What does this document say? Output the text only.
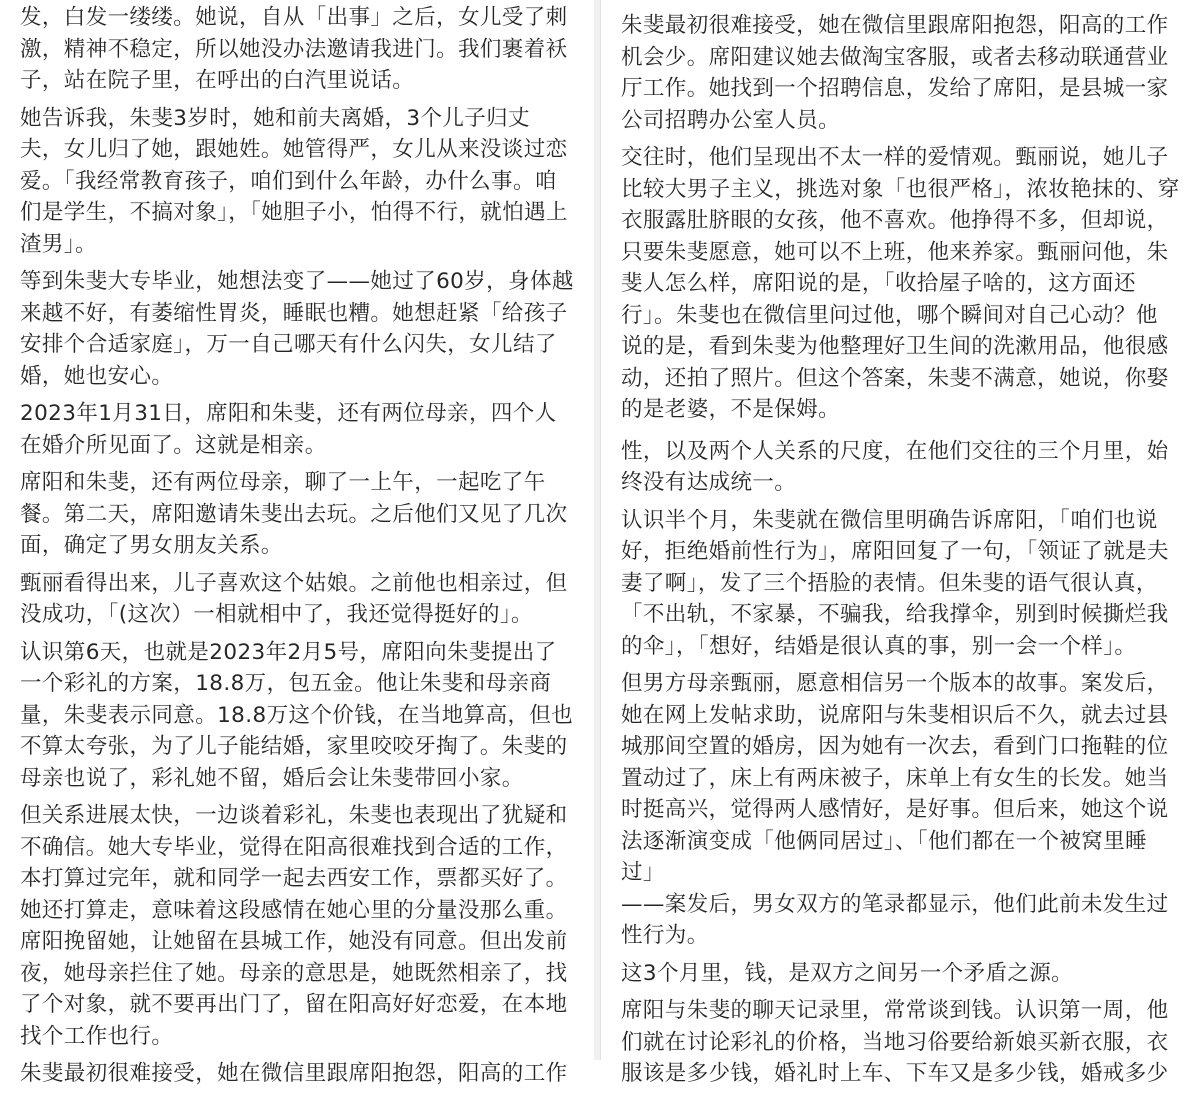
发，白发一缕缕。她说，自从「出事」之后，女儿受了刺
激，精神不稳定，所以她没办法邀请我进门。我们裹着袄
子，站在院子里，在呼出的白汽里说话。

她告诉我，朱斐3岁时，她和前夫离婚，3个儿子归丈
夫，女儿归了她，跟她姓。她管得严，女儿从来没谈过恋
爱。「我经常教育孩子，咱们到什么年龄，办什么事。咱
们是学生，不搞对象」，「她胆子小，怕得不行，就怕遇上
渣男」。

等到朱斐大专毕业，她想法变了——她过了60岁，身体越
来越不好，有萎缩性胃炎，睡眠也糟。她想赶紧「给孩子
安排个合适家庭」，万一自己哪天有什么闪失，女儿结了
婚，她也安心。

2023年1月31日，席阳和朱斐，还有两位母亲，四个人
在婚介所见面了。这就是相亲。

席阳和朱斐，还有两位母亲，聊了一上午，一起吃了午
餐。第二天，席阳邀请朱斐出去玩。之后他们又见了几次
面，确定了男女朋友关系。

甄丽看得出来，儿子喜欢这个姑娘。之前他也相亲过，但
没成功，「(这次）一相就相中了，我还觉得挺好的」。

认识第6天，也就是2023年2月5号，席阳向朱斐提出了
一个彩礼的方案，18.8万，包五金。他让朱斐和母亲商
量，朱斐表示同意。18.8万这个价钱，在当地算高，但也
不算太夸张，为了儿子能结婚，家里咬咬牙掏了。朱斐的
母亲也说了，彩礼她不留，婚后会让朱斐带回小家。

但关系进展太快，一边谈着彩礼，朱斐也表现出了犹疑和
不确信。她大专毕业，觉得在阳高很难找到合适的工作，
本打算过完年，就和同学一起去西安工作，票都买好了。
她还打算走，意味着这段感情在她心里的分量没那么重。
席阳挽留她，让她留在县城工作，她没有同意。但出发前
夜，她母亲拦住了她。母亲的意思是，她既然相亲了，找
了个对象，就不要再出门了，留在阳高好好恋爱，在本地
找个工作也行。

朱斐最初很难接受，她在微信里跟席阳抱怨，阳高的工作

朱斐最初很难接受，她在微信里跟席阳抱怨，阳高的工作
机会少。席阳建议她去做淘宝客服，或者去移动联通营业
厅工作。她找到一个招聘信息，发给了席阳，是县城一家
公司招聘办公室人员。

交往时，他们呈现出不太一样的爱情观。甄丽说，她儿子
比较大男子主义，挑选对象「也很严格」，浓妆艳抹的、穿
衣服露肚脐眼的女孩，他不喜欢。他挣得不多，但却说，
只要朱斐愿意，她可以不上班，他来养家。甄丽问他，朱
斐人怎么样，席阳说的是，「收拾屋子啥的，这方面还
行」。朱斐也在微信里问过他，哪个瞬间对自己心动？他
说的是，看到朱斐为他整理好卫生间的洗漱用品，他很感
动，还拍了照片。但这个答案，朱斐不满意，她说，你娶
的是老婆，不是保姆。

性，以及两个人关系的尺度，在他们交往的三个月里，始
终没有达成统一。

认识半个月，朱斐就在微信里明确告诉席阳，「咱们也说
好，拒绝婚前性行为」，席阳回复了一句，「领证了就是夫
妻了啊」，发了三个捂脸的表情。但朱斐的语气很认真，
「不出轨，不家暴，不骗我，给我撑伞，别到时候撕烂我
的伞」，「想好，结婚是很认真的事，别一会一个样」。

但男方母亲甄丽，愿意相信另一个版本的故事。案发后，
她在网上发帖求助，说席阳与朱斐相识后不久，就去过县
城那间空置的婚房，因为她有一次去，看到门口拖鞋的位
置动过了，床上有两床被子，床单上有女生的长发。她当
时挺高兴，觉得两人感情好，是好事。但后来，她这个说
法逐渐演变成「他俩同居过」、「他们都在一个被窝里睡过」
——案发后，男女双方的笔录都显示，他们此前未发生过
性行为。

这3个月里，钱，是双方之间另一个矛盾之源。

席阳与朱斐的聊天记录里，常常谈到钱。认识第一周，他
们就在讨论彩礼的价格，当地习俗要给新娘买新衣服，衣
服该是多少钱，婚礼时上车、下车又是多少钱，婚戒多少
